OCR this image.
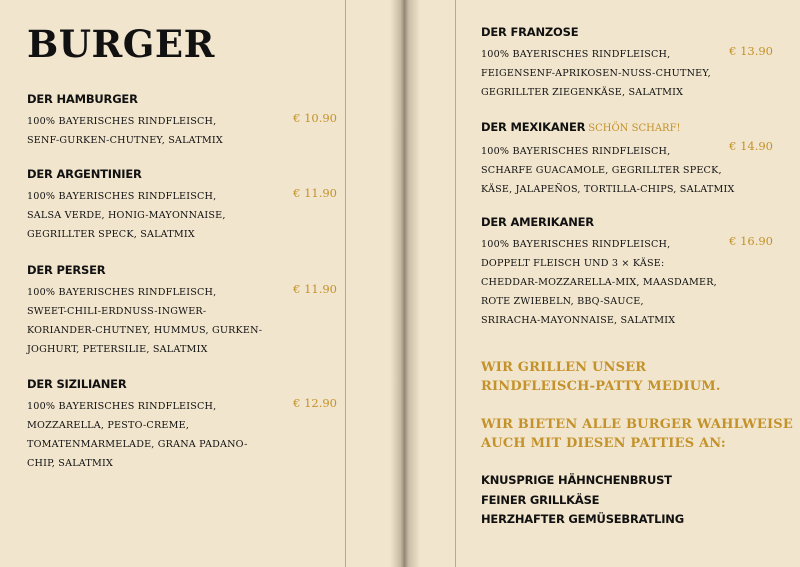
BURGER
DER HAMBURGER
100% BAYERISCHES RINDFLEISCH,
SENF-GURKEN-CHUTNEY, SALATMIX
€ 10.90
DER ARGENTINIER
100% BAYERISCHES RINDFLEISCH,
SALSA VERDE, HONIG-MAYONNAISE,
GEGRILLTER SPECK, SALATMIX
€ 11.90
DER PERSER
100% BAYERISCHES RINDFLEISCH,
SWEET-CHILI-ERDNUSS-INGWER-
KORIANDER-CHUTNEY, HUMMUS, GURKEN-
JOGHURT, PETERSILIE, SALATMIX
€ 11.90
DER SIZILIANER
100% BAYERISCHES RINDFLEISCH,
MOZZARELLA, PESTO-CREME,
TOMATENMARMELADE, GRANA PADANO-
CHIP, SALATMIX
€ 12.90
DER FRANZOSE
100% BAYERISCHES RINDFLEISCH,
FEIGENSENF-APRIKOSEN-NUSS-CHUTNEY,
GEGRILLTER ZIEGENKÄSE, SALATMIX
€ 13.90
DER MEXIKANER SCHÖN SCHARF!
100% BAYERISCHES RINDFLEISCH,
SCHARFE GUACAMOLE, GEGRILLTER SPECK,
KÄSE, JALAPEÑOS, TORTILLA-CHIPS, SALATMIX
€ 14.90
DER AMERIKANER
100% BAYERISCHES RINDFLEISCH,
DOPPELT FLEISCH UND 3 × KÄSE:
CHEDDAR-MOZZARELLA-MIX, MAASDAMER,
ROTE ZWIEBELN, BBQ-SAUCE,
SRIRACHA-MAYONNAISE, SALATMIX
€ 16.90
WIR GRILLEN UNSER
RINDFLEISCH-PATTY MEDIUM.
WIR BIETEN ALLE BURGER WAHLWEISE
AUCH MIT DIESEN PATTIES AN:
KNUSPRIGE HÄHNCHENBRUST
FEINER GRILLKÄSE
HERZHAFTER GEMÜSEBRATLING
